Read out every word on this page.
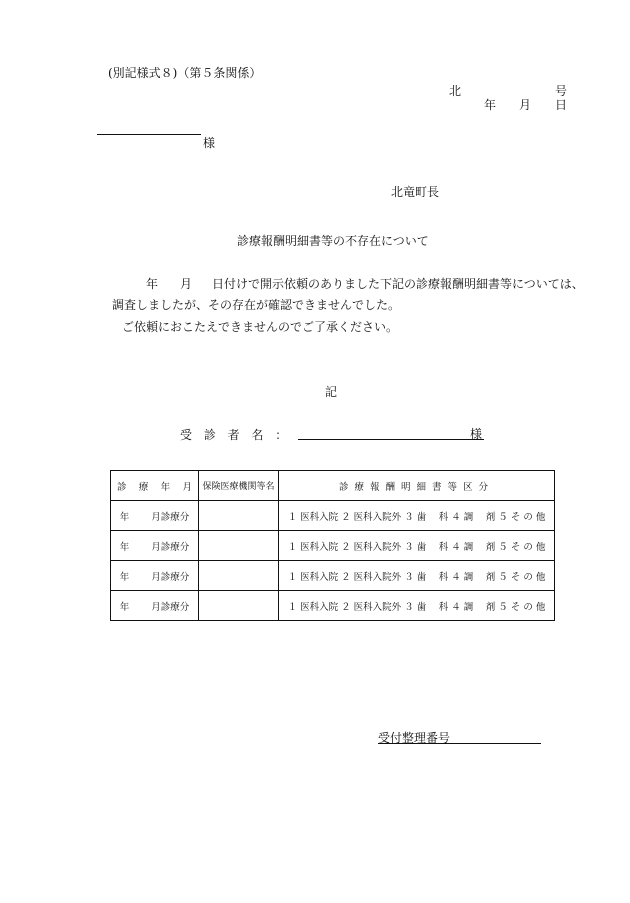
(別記様式８)（第５条関係）
北	号
年 月 日
様
北竜町長
診療報酬明細書等の不存在について
年 月 日付けで開示依頼のありました下記の診療報酬明細書等については、
調査しましたが、その存在が確認できませんでした。
ご依頼におこたえできませんのでご了承ください。
記
受 診 者 名 ：	様
診 療 年 月	保険医療機関等名	診療報酬明細書等区分
年 月診療分		１ 医科入院 ２ 医科入院外 ３ 歯　 科 ４ 調　 剤 ５ そ の 他
年 月診療分		１ 医科入院 ２ 医科入院外 ３ 歯　 科 ４ 調　 剤 ５ そ の 他
年 月診療分		１ 医科入院 ２ 医科入院外 ３ 歯　 科 ４ 調　 剤 ５ そ の 他
年 月診療分		１ 医科入院 ２ 医科入院外 ３ 歯　 科 ４ 調　 剤 ５ そ の 他
受付整理番号
